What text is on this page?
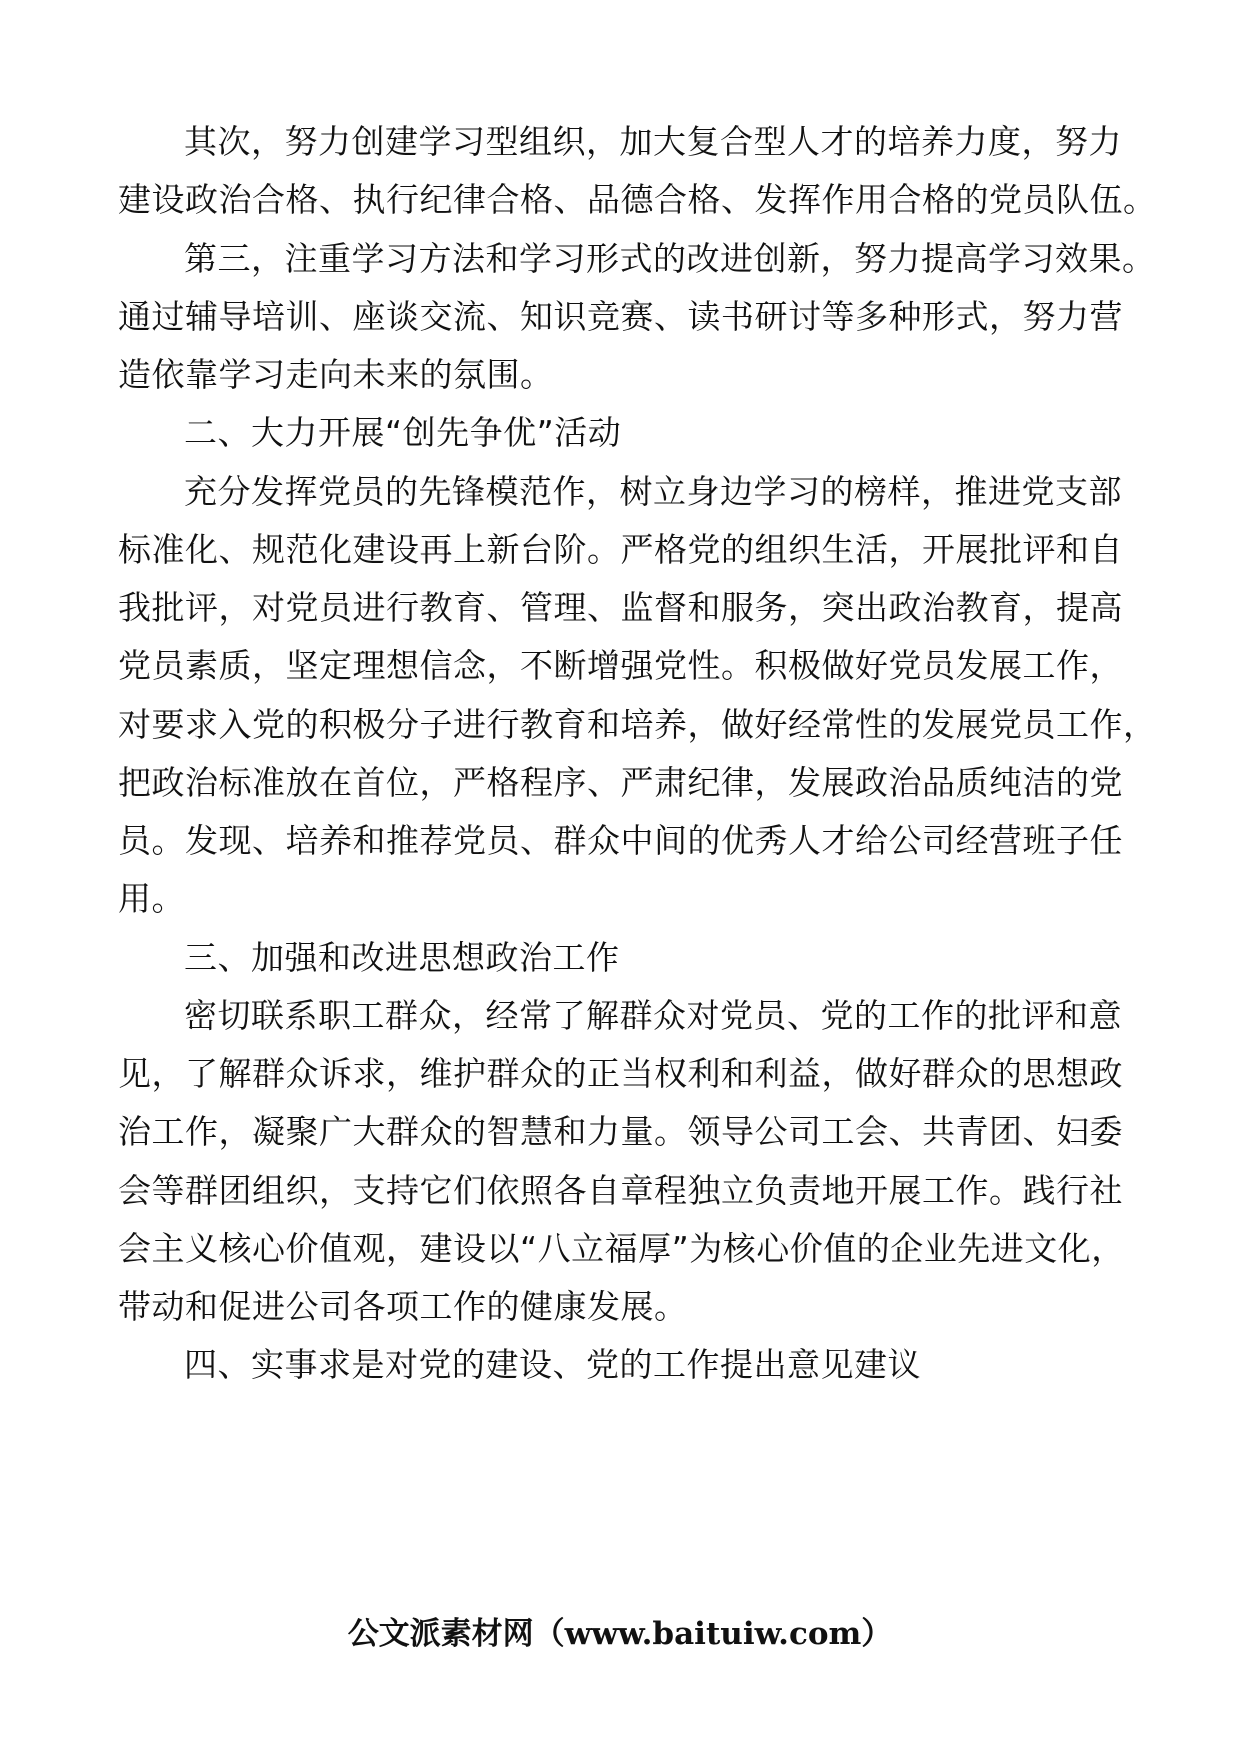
其次，努力创建学习型组织，加大复合型人才的培养力度，努力
建设政治合格、执行纪律合格、品德合格、发挥作用合格的党员队伍。
第三，注重学习方法和学习形式的改进创新，努力提高学习效果。
通过辅导培训、座谈交流、知识竞赛、读书研讨等多种形式，努力营
造依靠学习走向未来的氛围。
二、大力开展“创先争优”活动
充分发挥党员的先锋模范作，树立身边学习的榜样，推进党支部
标准化、规范化建设再上新台阶。严格党的组织生活，开展批评和自
我批评，对党员进行教育、管理、监督和服务，突出政治教育，提高
党员素质，坚定理想信念，不断增强党性。积极做好党员发展工作，
对要求入党的积极分子进行教育和培养，做好经常性的发展党员工作，
把政治标准放在首位，严格程序、严肃纪律，发展政治品质纯洁的党
员。发现、培养和推荐党员、群众中间的优秀人才给公司经营班子任
用。
三、加强和改进思想政治工作
密切联系职工群众，经常了解群众对党员、党的工作的批评和意
见，了解群众诉求，维护群众的正当权利和利益，做好群众的思想政
治工作，凝聚广大群众的智慧和力量。领导公司工会、共青团、妇委
会等群团组织，支持它们依照各自章程独立负责地开展工作。践行社
会主义核心价值观，建设以“八立福厚”为核心价值的企业先进文化，
带动和促进公司各项工作的健康发展。
四、实事求是对党的建设、党的工作提出意见建议
公文派素材网（www.baituiw.com）
